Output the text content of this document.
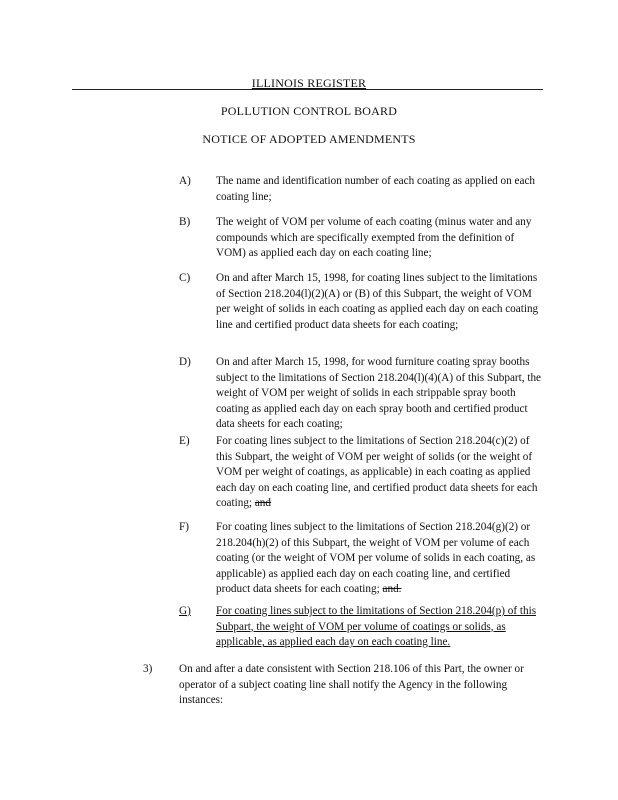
ILLINOIS REGISTER
POLLUTION CONTROL BOARD
NOTICE OF ADOPTED AMENDMENTS
A) The name and identification number of each coating as applied on each coating line;
B) The weight of VOM per volume of each coating (minus water and any compounds which are specifically exempted from the definition of VOM) as applied each day on each coating line;
C) On and after March 15, 1998, for coating lines subject to the limitations of Section 218.204(l)(2)(A) or (B) of this Subpart, the weight of VOM per weight of solids in each coating as applied each day on each coating line and certified product data sheets for each coating;
D) On and after March 15, 1998, for wood furniture coating spray booths subject to the limitations of Section 218.204(l)(4)(A) of this Subpart, the weight of VOM per weight of solids in each strippable spray booth coating as applied each day on each spray booth and certified product data sheets for each coating;
E) For coating lines subject to the limitations of Section 218.204(c)(2) of this Subpart, the weight of VOM per weight of solids (or the weight of VOM per weight of coatings, as applicable) in each coating as applied each day on each coating line, and certified product data sheets for each coating; and
F) For coating lines subject to the limitations of Section 218.204(g)(2) or 218.204(h)(2) of this Subpart, the weight of VOM per volume of each coating (or the weight of VOM per volume of solids in each coating, as applicable) as applied each day on each coating line, and certified product data sheets for each coating; and.
G) For coating lines subject to the limitations of Section 218.204(p) of this Subpart, the weight of VOM per volume of coatings or solids, as applicable, as applied each day on each coating line.
3) On and after a date consistent with Section 218.106 of this Part, the owner or operator of a subject coating line shall notify the Agency in the following instances:
